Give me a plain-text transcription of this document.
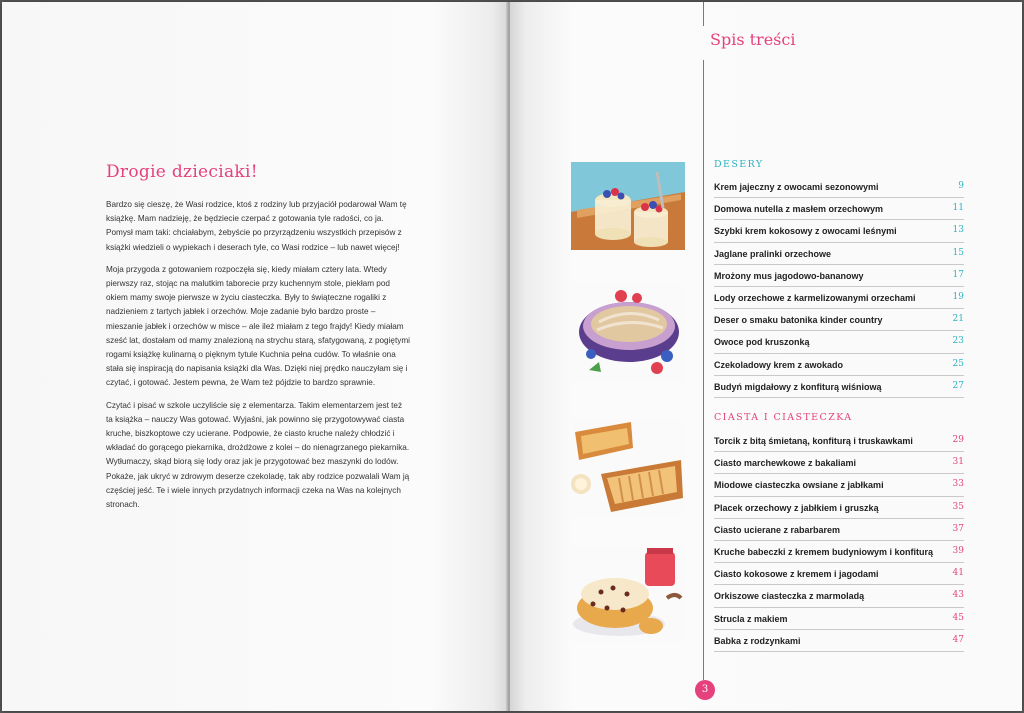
Drogie dzieciaki!

Bardzo się cieszę, że Wasi rodzice, ktoś z rodziny lub przyjaciół podarował Wam tę książkę. Mam nadzieję, że będziecie czerpać z gotowania tyle radości, co ja. Pomysł mam taki: chciałabym, żebyście po przyrządzeniu wszystkich przepisów z książki wiedzieli o wypiekach i deserach tyle, co Wasi rodzice – lub nawet więcej!

Moja przygoda z gotowaniem rozpoczęła się, kiedy miałam cztery lata. Wtedy pierwszy raz, stojąc na malutkim taborecie przy kuchennym stole, piekłam pod okiem mamy swoje pierwsze w życiu ciasteczka. Były to świąteczne rogaliki z nadzieniem z tartych jabłek i orzechów. Moje zadanie było bardzo proste – mieszanie jabłek i orzechów w misce – ale ileż miałam z tego frajdy! Kiedy miałam sześć lat, dostałam od mamy znalezioną na strychu starą, sfatygowaną, z pogiętymi rogami książkę kulinarną o pięknym tytule Kuchnia pełna cudów. To właśnie ona stała się inspiracją do napisania książki dla Was. Dzięki niej prędko nauczyłam się i czytać, i gotować. Jestem pewna, że Wam też pójdzie to bardzo sprawnie.

Czytać i pisać w szkole uczyliście się z elementarza. Takim elementarzem jest też ta książka – nauczy Was gotować. Wyjaśni, jak powinno się przygotowywać ciasta kruche, biszkoptowe czy ucierane. Podpowie, że ciasto kruche należy chłodzić i wkładać do gorącego piekarnika, drożdżowe z kolei – do nienagrzanego piekarnika. Wytłumaczy, skąd biorą się lody oraz jak je przygotować bez maszynki do lodów. Pokaże, jak ukryć w zdrowym deserze czekoladę, tak aby rodzice pozwalali Wam ją częściej jeść. Te i wiele innych przydatnych informacji czeka na Was na kolejnych stronach.

Spis treści
DESERY
Krem jajeczny z owocami sezonowymi	9
Domowa nutella z masłem orzechowym	11
Szybki krem kokosowy z owocami leśnymi	13
Jaglane pralinki orzechowe	15
Mrożony mus jagodowo-bananowy	17
Lody orzechowe z karmelizowanymi orzechami	19
Deser o smaku batonika kinder country	21
Owoce pod kruszonką	23
Czekoladowy krem z awokado	25
Budyń migdałowy z konfiturą wiśniową	27
CIASTA I CIASTECZKA
Torcik z bitą śmietaną, konfiturą i truskawkami	29
Ciasto marchewkowe z bakaliami	31
Miodowe ciasteczka owsiane z jabłkami	33
Placek orzechowy z jabłkiem i gruszką	35
Ciasto ucierane z rabarbarem	37
Kruche babeczki z kremem budyniowym i konfiturą 39
Ciasto kokosowe z kremem i jagodami	41
Orkiszowe ciasteczka z marmoladą	43
Strucla z makiem	45
Babka z rodzynkami	47
3
